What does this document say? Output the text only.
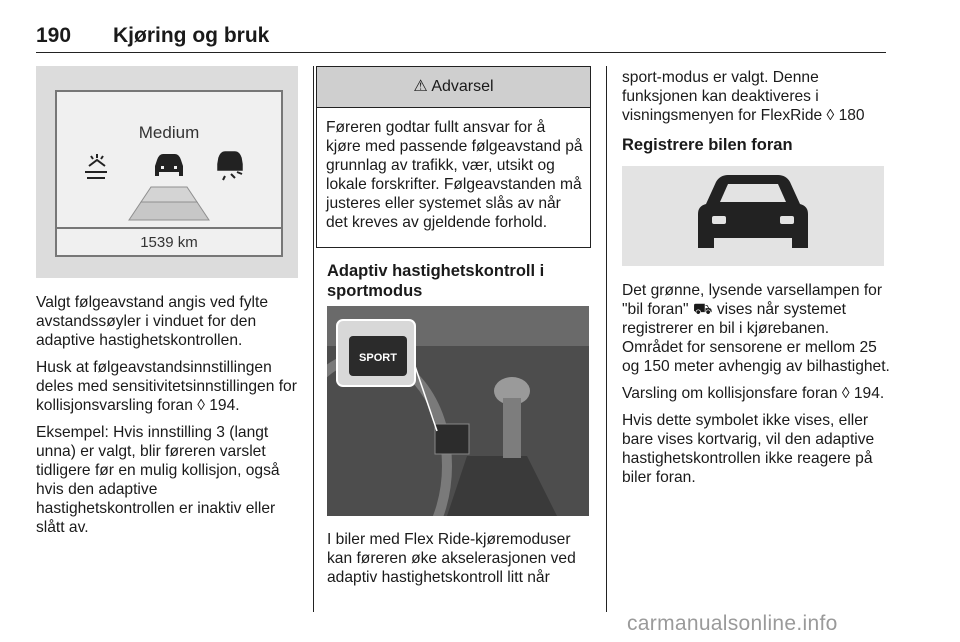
190 Kjøring og bruk
Medium
1539 km

Valgt følgeavstand angis ved fylte avstandssøyler i vinduet for den adaptive hastighetskontrollen.

Husk at følgeavstandsinnstillingen deles med sensitivitetsinnstillingen for kollisjonsvarsling foran ◊ 194.

Eksempel: Hvis innstilling 3 (langt unna) er valgt, blir føreren varslet tidligere før en mulig kollisjon, også hvis den adaptive hastighetskontrollen er inaktiv eller slått av.

⚠ Advarsel
Føreren godtar fullt ansvar for å kjøre med passende følgeavstand på grunnlag av trafikk, vær, utsikt og lokale forskrifter. Følgeavstanden må justeres eller systemet slås av når det kreves av gjeldende forhold.
Adaptiv hastighetskontroll i sportmodus
SPORT
I biler med Flex Ride-kjøremoduser kan føreren øke akselerasjonen ved adaptiv hastighetskontroll litt når
sport-modus er valgt. Denne funksjonen kan deaktiveres i visningsmenyen for FlexRide ◊ 180
Registrere bilen foran

Det grønne, lysende varsellampen for "bil foran" ⛟ vises når systemet registrerer en bil i kjørebanen. Området for sensorene er mellom 25 og 150 meter avhengig av bilhastighet.

Varsling om kollisjonsfare foran ◊ 194.

Hvis dette symbolet ikke vises, eller bare vises kortvarig, vil den adaptive hastighetskontrollen ikke reagere på biler foran.

carmanualsonline.info
